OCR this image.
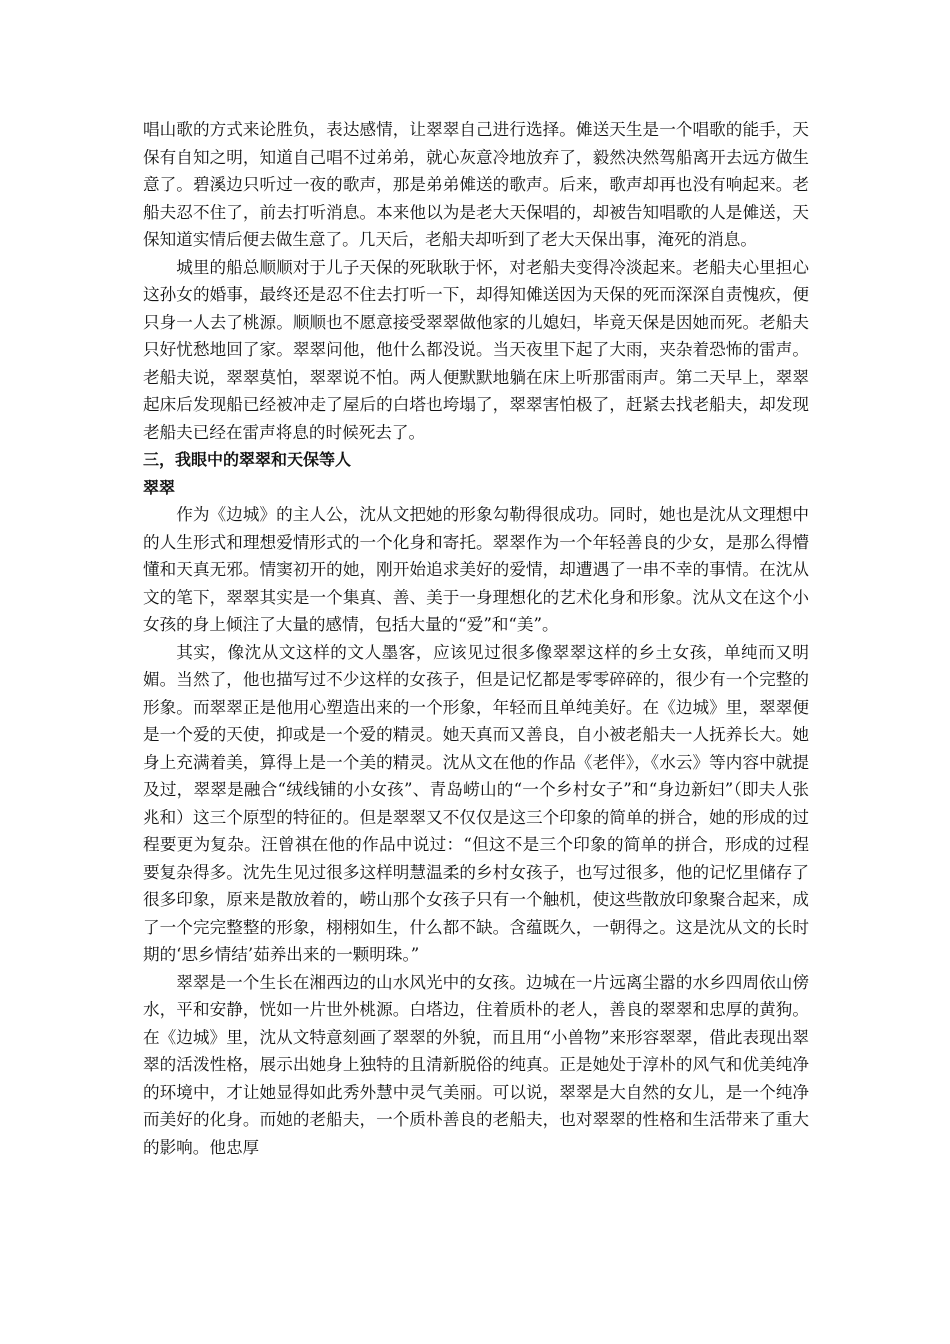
唱山歌的方式来论胜负，表达感情，让翠翠自己进行选择。傩送天生是一个唱歌的能手，天保有自知之明，知道自己唱不过弟弟，就心灰意冷地放弃了，毅然决然驾船离开去远方做生意了。碧溪边只听过一夜的歌声，那是弟弟傩送的歌声。后来，歌声却再也没有响起来。老船夫忍不住了，前去打听消息。本来他以为是老大天保唱的，却被告知唱歌的人是傩送，天保知道实情后便去做生意了。几天后，老船夫却听到了老大天保出事，淹死的消息。

城里的船总顺顺对于儿子天保的死耿耿于怀，对老船夫变得冷淡起来。老船夫心里担心这孙女的婚事，最终还是忍不住去打听一下，却得知傩送因为天保的死而深深自责愧疚，便只身一人去了桃源。顺顺也不愿意接受翠翠做他家的儿媳妇，毕竟天保是因她而死。老船夫只好忧愁地回了家。翠翠问他，他什么都没说。当天夜里下起了大雨，夹杂着恐怖的雷声。老船夫说，翠翠莫怕，翠翠说不怕。两人便默默地躺在床上听那雷雨声。第二天早上，翠翠起床后发现船已经被冲走了屋后的白塔也垮塌了，翠翠害怕极了，赶紧去找老船夫，却发现老船夫已经在雷声将息的时候死去了。

三，我眼中的翠翠和天保等人

翠翠

作为《边城》的主人公，沈从文把她的形象勾勒得很成功。同时，她也是沈从文理想中的人生形式和理想爱情形式的一个化身和寄托。翠翠作为一个年轻善良的少女，是那么得懵懂和天真无邪。情窦初开的她，刚开始追求美好的爱情，却遭遇了一串不幸的事情。在沈从文的笔下，翠翠其实是一个集真、善、美于一身理想化的艺术化身和形象。沈从文在这个小女孩的身上倾注了大量的感情，包括大量的“爱”和“美”。

其实，像沈从文这样的文人墨客，应该见过很多像翠翠这样的乡土女孩，单纯而又明媚。当然了，他也描写过不少这样的女孩子，但是记忆都是零零碎碎的，很少有一个完整的形象。而翠翠正是他用心塑造出来的一个形象，年轻而且单纯美好。在《边城》里，翠翠便是一个爱的天使，抑或是一个爱的精灵。她天真而又善良，自小被老船夫一人抚养长大。她身上充满着美，算得上是一个美的精灵。沈从文在他的作品《老伴》，《水云》等内容中就提及过，翠翠是融合“绒线铺的小女孩”、青岛崂山的“一个乡村女子”和“身边新妇”（即夫人张兆和）这三个原型的特征的。但是翠翠又不仅仅是这三个印象的简单的拼合，她的形成的过程要更为复杂。汪曾祺在他的作品中说过：“但这不是三个印象的简单的拼合，形成的过程要复杂得多。沈先生见过很多这样明慧温柔的乡村女孩子，也写过很多，他的记忆里储存了很多印象，原来是散放着的，崂山那个女孩子只有一个触机，使这些散放印象聚合起来，成了一个完完整整的形象，栩栩如生，什么都不缺。含蕴既久，一朝得之。这是沈从文的长时期的‘思乡情结’茹养出来的一颗明珠。”

翠翠是一个生长在湘西边的山水风光中的女孩。边城在一片远离尘嚣的水乡四周依山傍水，平和安静，恍如一片世外桃源。白塔边，住着质朴的老人，善良的翠翠和忠厚的黄狗。在《边城》里，沈从文特意刻画了翠翠的外貌，而且用“小兽物”来形容翠翠，借此表现出翠翠的活泼性格，展示出她身上独特的且清新脱俗的纯真。正是她处于淳朴的风气和优美纯净的环境中，才让她显得如此秀外慧中灵气美丽。可以说，翠翠是大自然的女儿，是一个纯净而美好的化身。而她的老船夫，一个质朴善良的老船夫，也对翠翠的性格和生活带来了重大的影响。他忠厚
